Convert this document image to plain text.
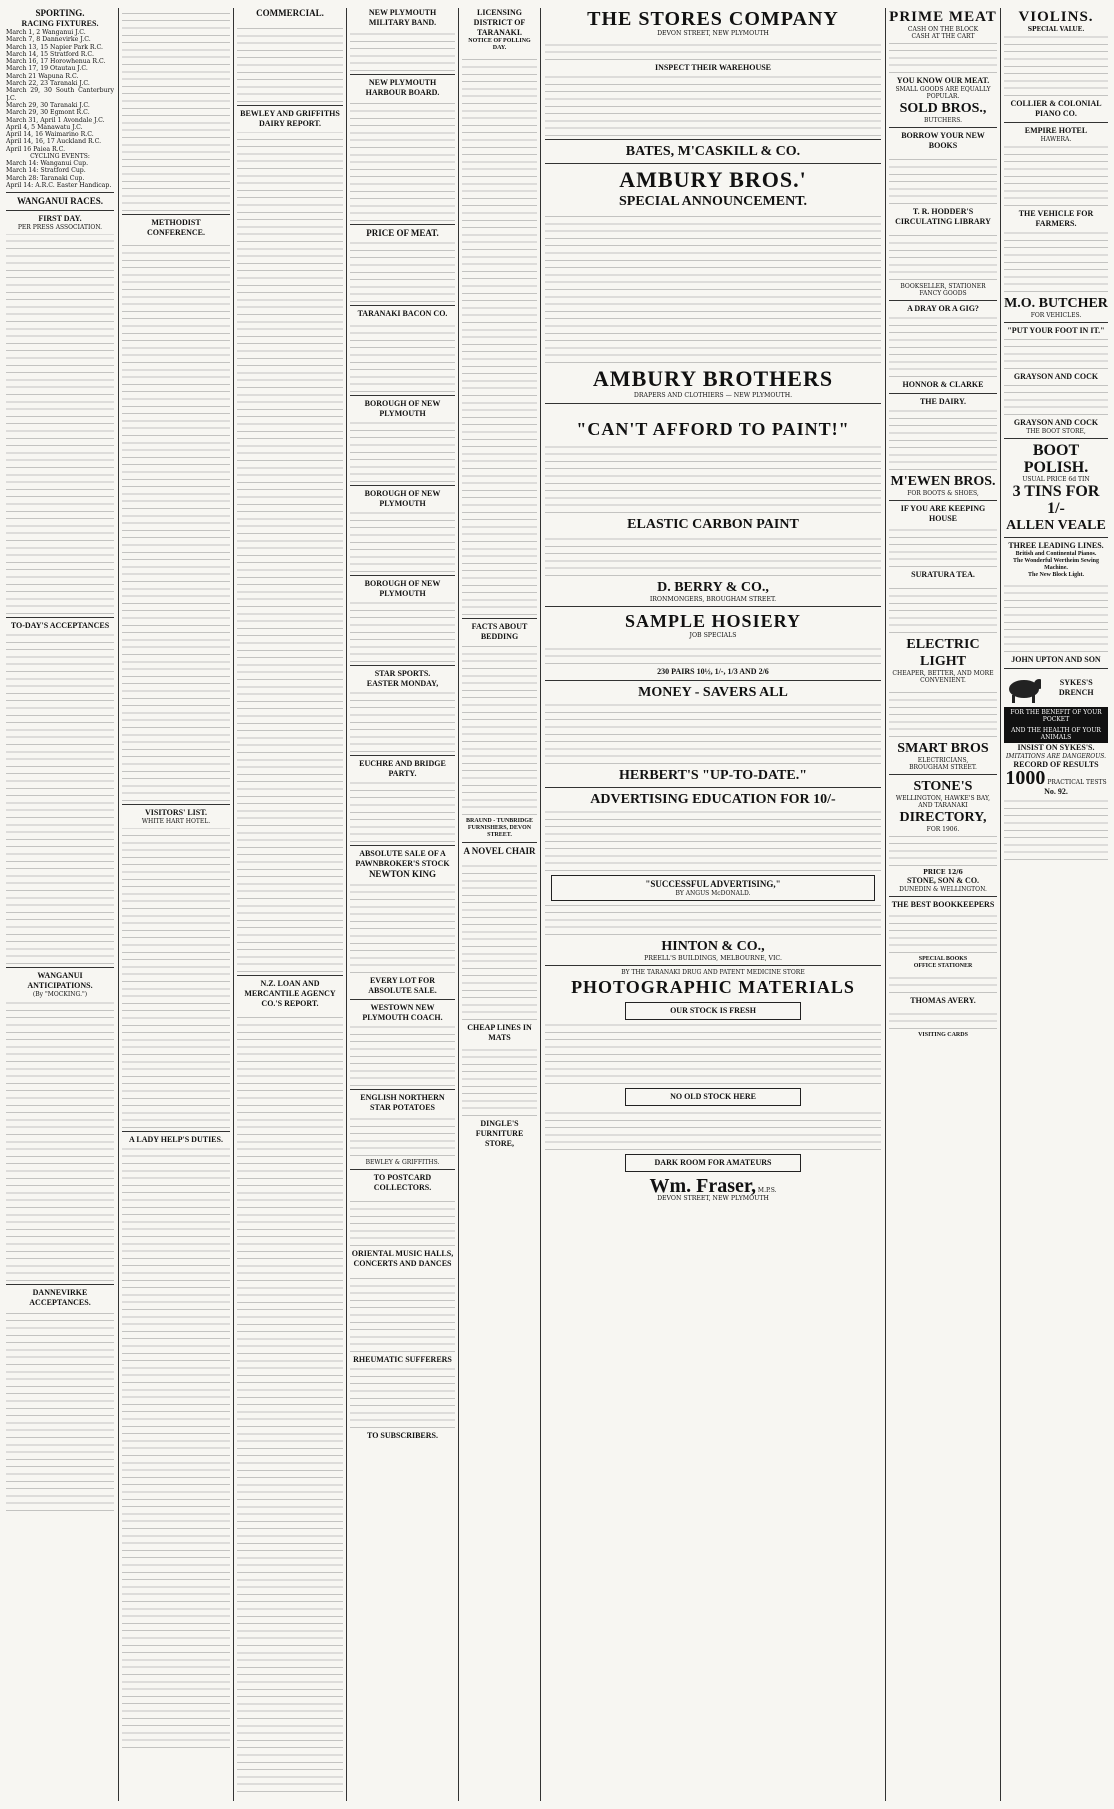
SPORTING.
RACING FIXTURES.
March 1, 2 Wanganui J.C.
March 7, 8 Dannevirke J.C.
March 13, 15 Napier Park R.C.
March 14, 15 Stratford R.C.
March 16, 17 Horowhenua R.C.
March 17, 19 Otautau J.C.
March 21 Wapuna R.C.
March 22, 23 Taranaki J.C.
March 29, 30 South Canterbury J.C.
March 29, 30 Taranaki J.C.
March 29, 30 Egmont R.C.
March 31, April 1 Avondale J.C.
April 4, 5 Manawatu J.C.
April 14, 16 Waimarino R.C.
April 14, 16, 17 Auckland R.C.
April 16 Paiea R.C.
CYCLING EVENTS:
March 14: Wanganui Cup.
March 14: Stratford Cup.
March 28: Taranaki Cup.
April 14: A.R.C. Easter Handicap.
WANGANUI RACES.
FIRST DAY.
PER PRESS ASSOCIATION.
TO-DAY'S ACCEPTANCES
WANGANUI ANTICIPATIONS.
(By "MOCKING.")
DANNEVIRKE ACCEPTANCES.
METHODIST CONFERENCE.
VISITORS' LIST.
WHITE HART HOTEL.
A LADY HELP'S DUTIES.
COMMERCIAL.
BEWLEY AND GRIFFITHS DAIRY REPORT.
N.Z. LOAN AND MERCANTILE AGENCY CO.'S REPORT.
NEW PLYMOUTH MILITARY BAND.
NEW PLYMOUTH HARBOUR BOARD.
PRICE OF MEAT.
TARANAKI BACON CO.
BOROUGH OF NEW PLYMOUTH
BOROUGH OF NEW PLYMOUTH
BOROUGH OF NEW PLYMOUTH
STAR SPORTS.
EASTER MONDAY,
EUCHRE AND BRIDGE PARTY.
ABSOLUTE SALE OF A PAWNBROKER'S STOCK
NEWTON KING
EVERY LOT FOR ABSOLUTE SALE.
WESTOWN NEW PLYMOUTH COACH.
ENGLISH NORTHERN STAR POTATOES
BEWLEY & GRIFFITHS.
TO POSTCARD COLLECTORS.
ORIENTAL MUSIC HALLS, CONCERTS AND DANCES
RHEUMATIC SUFFERERS
TO SUBSCRIBERS.
LICENSING DISTRICT OF TARANAKI.
NOTICE OF POLLING DAY.
FACTS ABOUT BEDDING
BRAUND - TUNBRIDGE FURNISHERS, DEVON STREET.
A NOVEL CHAIR
CHEAP LINES IN MATS
DINGLE'S FURNITURE STORE,
THE STORES COMPANY
DEVON STREET, NEW PLYMOUTH
INSPECT THEIR WAREHOUSE
BATES, M'CASKILL & CO.
AMBURY BROS.'
SPECIAL ANNOUNCEMENT.
AMBURY BROTHERS
DRAPERS AND CLOTHIERS — NEW PLYMOUTH.
"CAN'T AFFORD TO PAINT!"
ELASTIC CARBON PAINT
D. BERRY & CO.,
IRONMONGERS, BROUGHAM STREET.
SAMPLE HOSIERY
JOB SPECIALS
230 PAIRS 10½, 1/-, 1/3 AND 2/6
MONEY - SAVERS ALL
HERBERT'S "UP-TO-DATE."
ADVERTISING EDUCATION FOR 10/-
"SUCCESSFUL ADVERTISING,"
BY ANGUS McDONALD.
HINTON & CO.,
PREELL'S BUILDINGS, MELBOURNE, VIC.
BY THE TARANAKI DRUG AND PATENT MEDICINE STORE
PHOTOGRAPHIC MATERIALS
OUR STOCK IS FRESH
NO OLD STOCK HERE
DARK ROOM FOR AMATEURS
Wm. Fraser, M.P.S.
DEVON STREET, NEW PLYMOUTH
PRIME MEAT
CASH ON THE BLOCK
CASH AT THE CART
YOU KNOW OUR MEAT.
SMALL GOODS ARE EQUALLY POPULAR.
SOLD BROS.,
BUTCHERS.
BORROW YOUR NEW BOOKS
T. R. HODDER'S CIRCULATING LIBRARY
BOOKSELLER, STATIONER FANCY GOODS
A DRAY OR A GIG?
HONNOR & CLARKE
THE DAIRY.
M'EWEN BROS.
FOR BOOTS & SHOES,
IF YOU ARE KEEPING HOUSE
SURATURA TEA.
ELECTRIC LIGHT
CHEAPER, BETTER, AND MORE CONVENIENT.
SMART BROS
ELECTRICIANS,
BROUGHAM STREET.
STONE'S
WELLINGTON, HAWKE'S BAY, AND TARANAKI
DIRECTORY,
FOR 1906.
PRICE 12/6
STONE, SON & CO.
DUNEDIN & WELLINGTON.
THE BEST BOOKKEEPERS
SPECIAL BOOKS
OFFICE STATIONER
THOMAS AVERY.
VISITING CARDS
VIOLINS.
SPECIAL VALUE.
COLLIER & COLONIAL PIANO CO.
EMPIRE HOTEL
HAWERA.
THE VEHICLE FOR FARMERS.
M.O. BUTCHER
FOR VEHICLES.
"PUT YOUR FOOT IN IT."
GRAYSON AND COCK
GRAYSON AND COCK
THE BOOT STORE,
BOOT
POLISH.
USUAL PRICE 6d TIN
3 TINS FOR
1/-
ALLEN VEALE
THREE LEADING LINES.
British and Continental Pianos.
The Wonderful Wertheim Sewing Machine.
The New Block Light.
JOHN UPTON AND SON
SYKES'S DRENCH
FOR THE BENEFIT OF YOUR POCKET
AND THE HEALTH OF YOUR ANIMALS
INSIST ON SYKES'S.
IMITATIONS ARE DANGEROUS.
RECORD OF RESULTS
1000 PRACTICAL TESTS
No. 92.
